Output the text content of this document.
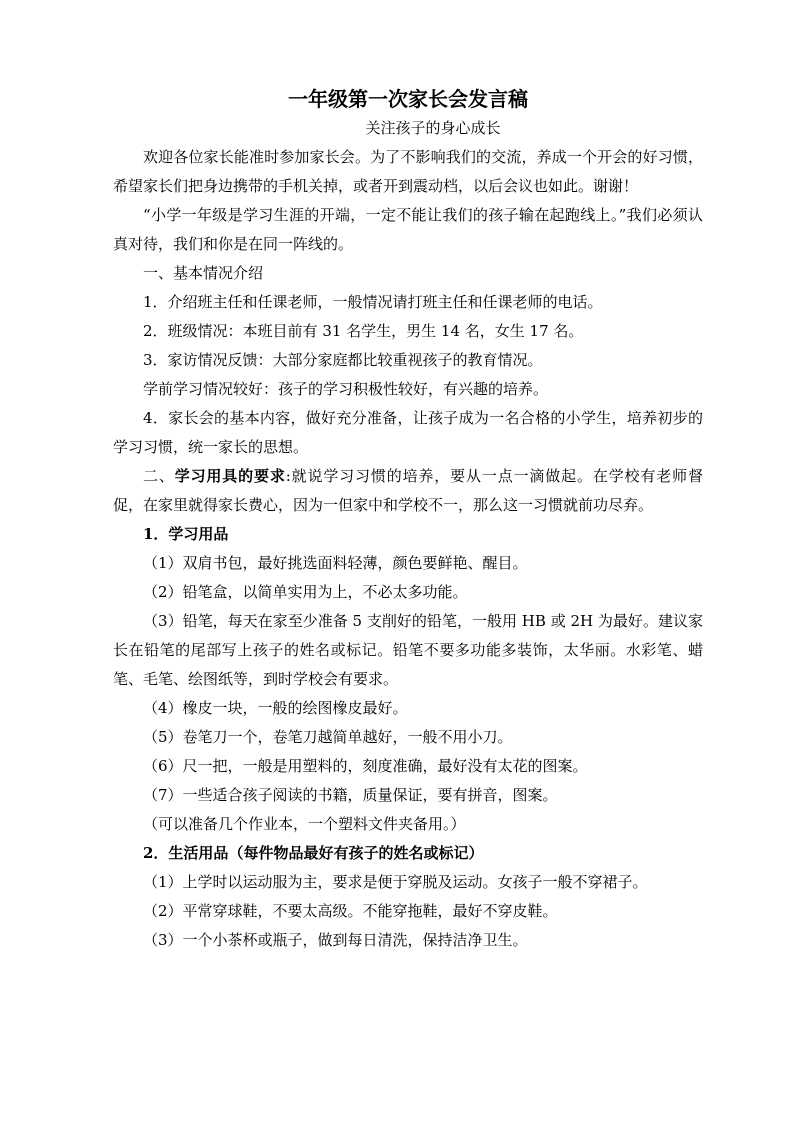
一年级第一次家长会发言稿

关注孩子的身心成长

欢迎各位家长能准时参加家长会。为了不影响我们的交流，养成一个开会的好习惯，希望家长们把身边携带的手机关掉，或者开到震动档，以后会议也如此。谢谢！

“小学一年级是学习生涯的开端，一定不能让我们的孩子输在起跑线上。”我们必须认真对待，我们和你是在同一阵线的。

一、基本情况介绍

1．介绍班主任和任课老师，一般情况请打班主任和任课老师的电话。

2．班级情况：本班目前有 31 名学生，男生 14 名，女生 17 名。

3．家访情况反馈：大部分家庭都比较重视孩子的教育情况。

学前学习情况较好：孩子的学习积极性较好，有兴趣的培养。

4．家长会的基本内容，做好充分准备，让孩子成为一名合格的小学生，培养初步的学习习惯，统一家长的思想。

二、学习用具的要求:就说学习习惯的培养，要从一点一滴做起。在学校有老师督促，在家里就得家长费心，因为一但家中和学校不一，那么这一习惯就前功尽弃。

1．学习用品

（1）双肩书包，最好挑选面料轻薄，颜色要鲜艳、醒目。

（2）铅笔盒，以简单实用为上，不必太多功能。

（3）铅笔，每天在家至少准备 5 支削好的铅笔，一般用 HB 或 2H 为最好。建议家长在铅笔的尾部写上孩子的姓名或标记。铅笔不要多功能多装饰，太华丽。水彩笔、蜡笔、毛笔、绘图纸等，到时学校会有要求。

（4）橡皮一块，一般的绘图橡皮最好。

（5）卷笔刀一个，卷笔刀越简单越好，一般不用小刀。

（6）尺一把，一般是用塑料的，刻度准确，最好没有太花的图案。

（7）一些适合孩子阅读的书籍，质量保证，要有拼音，图案。

（可以准备几个作业本，一个塑料文件夹备用。）

2．生活用品（每件物品最好有孩子的姓名或标记）

（1）上学时以运动服为主，要求是便于穿脱及运动。女孩子一般不穿裙子。

（2）平常穿球鞋，不要太高级。不能穿拖鞋，最好不穿皮鞋。

（3）一个小茶杯或瓶子，做到每日清洗，保持洁净卫生。
